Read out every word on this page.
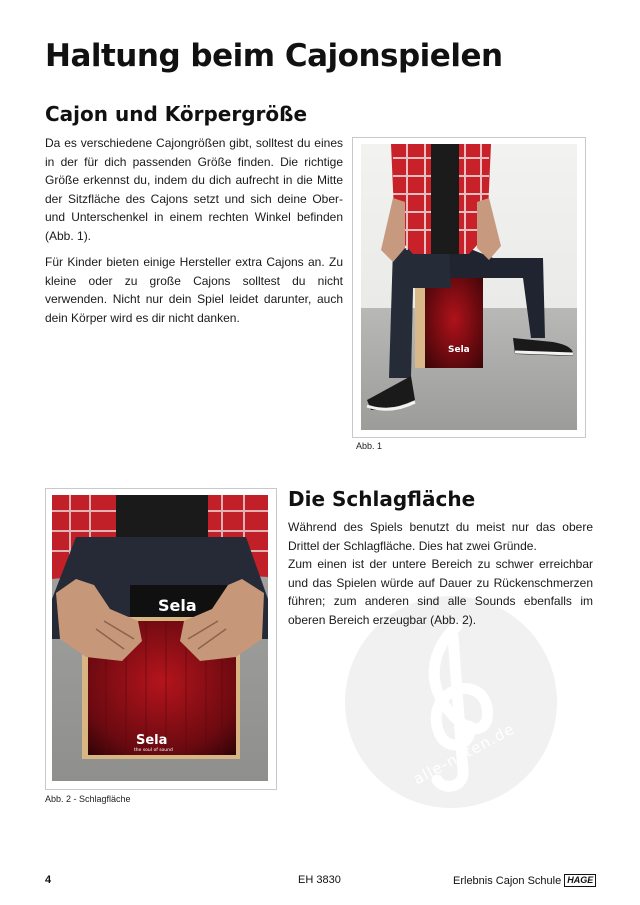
Haltung beim Cajonspielen
Cajon und Körpergröße

Da es verschiedene Cajongrößen gibt, solltest du eines in der für dich passenden Größe finden. Die richtige Größe erkennst du, indem du dich aufrecht in die Mitte der Sitzfläche des Cajons setzt und sich deine Ober- und Unterschenkel in einem rechten Winkel befinden (Abb. 1).

Für Kinder bieten einige Hersteller extra Cajons an. Zu kleine oder zu große Cajons solltest du nicht verwenden. Nicht nur dein Spiel leidet darunter, auch dein Körper wird es dir nicht danken.

Sela
Abb. 1
alle-noten.de
Die Schlagfläche

Während des Spiels benutzt du meist nur das obere Drittel der Schlagfläche. Dies hat zwei Gründe.

Zum einen ist der untere Bereich zu schwer erreichbar und das Spielen würde auf Dauer zu Rückenschmerzen führen; zum anderen sind alle Sounds ebenfalls im oberen Bereich erzeugbar (Abb. 2).

Sela
Sela
the soul of sound
Abb. 2 - Schlagfläche
4	EH 3830	Erlebnis Cajon Schule HAGE
